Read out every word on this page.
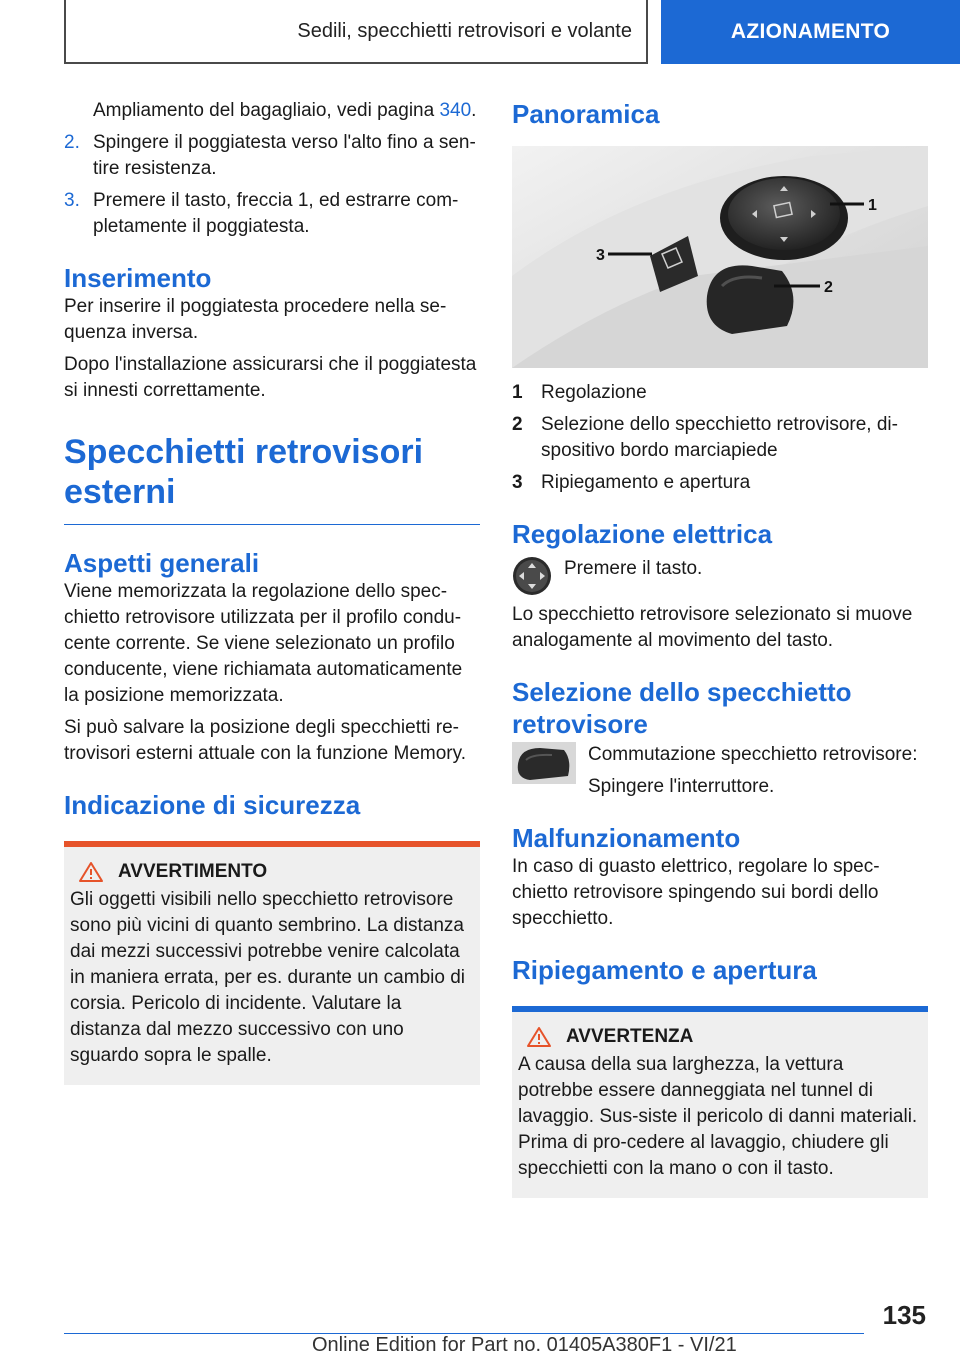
Sedili, specchietti retrovisori e volante	AZIONAMENTO
Ampliamento del bagagliaio, vedi pagina 340.
2. Spingere il poggiatesta verso l'alto fino a sen-tire resistenza.
3. Premere il tasto, freccia 1, ed estrarre com-pletamente il poggiatesta.
Inserimento

Per inserire il poggiatesta procedere nella se-quenza inversa.

Dopo l'installazione assicurarsi che il poggiatesta si innesti correttamente.

Specchietti retrovisori esterni
Aspetti generali

Viene memorizzata la regolazione dello spec-chietto retrovisore utilizzata per il profilo condu-cente corrente. Se viene selezionato un profilo conducente, viene richiamata automaticamente la posizione memorizzata.

Si può salvare la posizione degli specchietti re-trovisori esterni attuale con la funzione Memory.

Indicazione di sicurezza
AVVERTIMENTO

Gli oggetti visibili nello specchietto retrovisore sono più vicini di quanto sembrino. La distanza dai mezzi successivi potrebbe venire calcolata in maniera errata, per es. durante un cambio di corsia. Pericolo di incidente. Valutare la distanza dal mezzo successivo con uno sguardo sopra le spalle.

Panoramica
1
2
3
1 Regolazione
2 Selezione dello specchietto retrovisore, di-spositivo bordo marciapiede
3 Ripiegamento e apertura
Regolazione elettrica

Premere il tasto.

Lo specchietto retrovisore selezionato si muove analogamente al movimento del tasto.

Selezione dello specchietto retrovisore

Commutazione specchietto retrovisore:

Spingere l'interruttore.

Malfunzionamento

In caso di guasto elettrico, regolare lo spec-chietto retrovisore spingendo sui bordi dello specchietto.

Ripiegamento e apertura
AVVERTENZA

A causa della sua larghezza, la vettura potrebbe essere danneggiata nel tunnel di lavaggio. Sus-siste il pericolo di danni materiali. Prima di pro-cedere al lavaggio, chiudere gli specchietti con la mano o con il tasto.

135
Online Edition for Part no. 01405A380F1 - VI/21
